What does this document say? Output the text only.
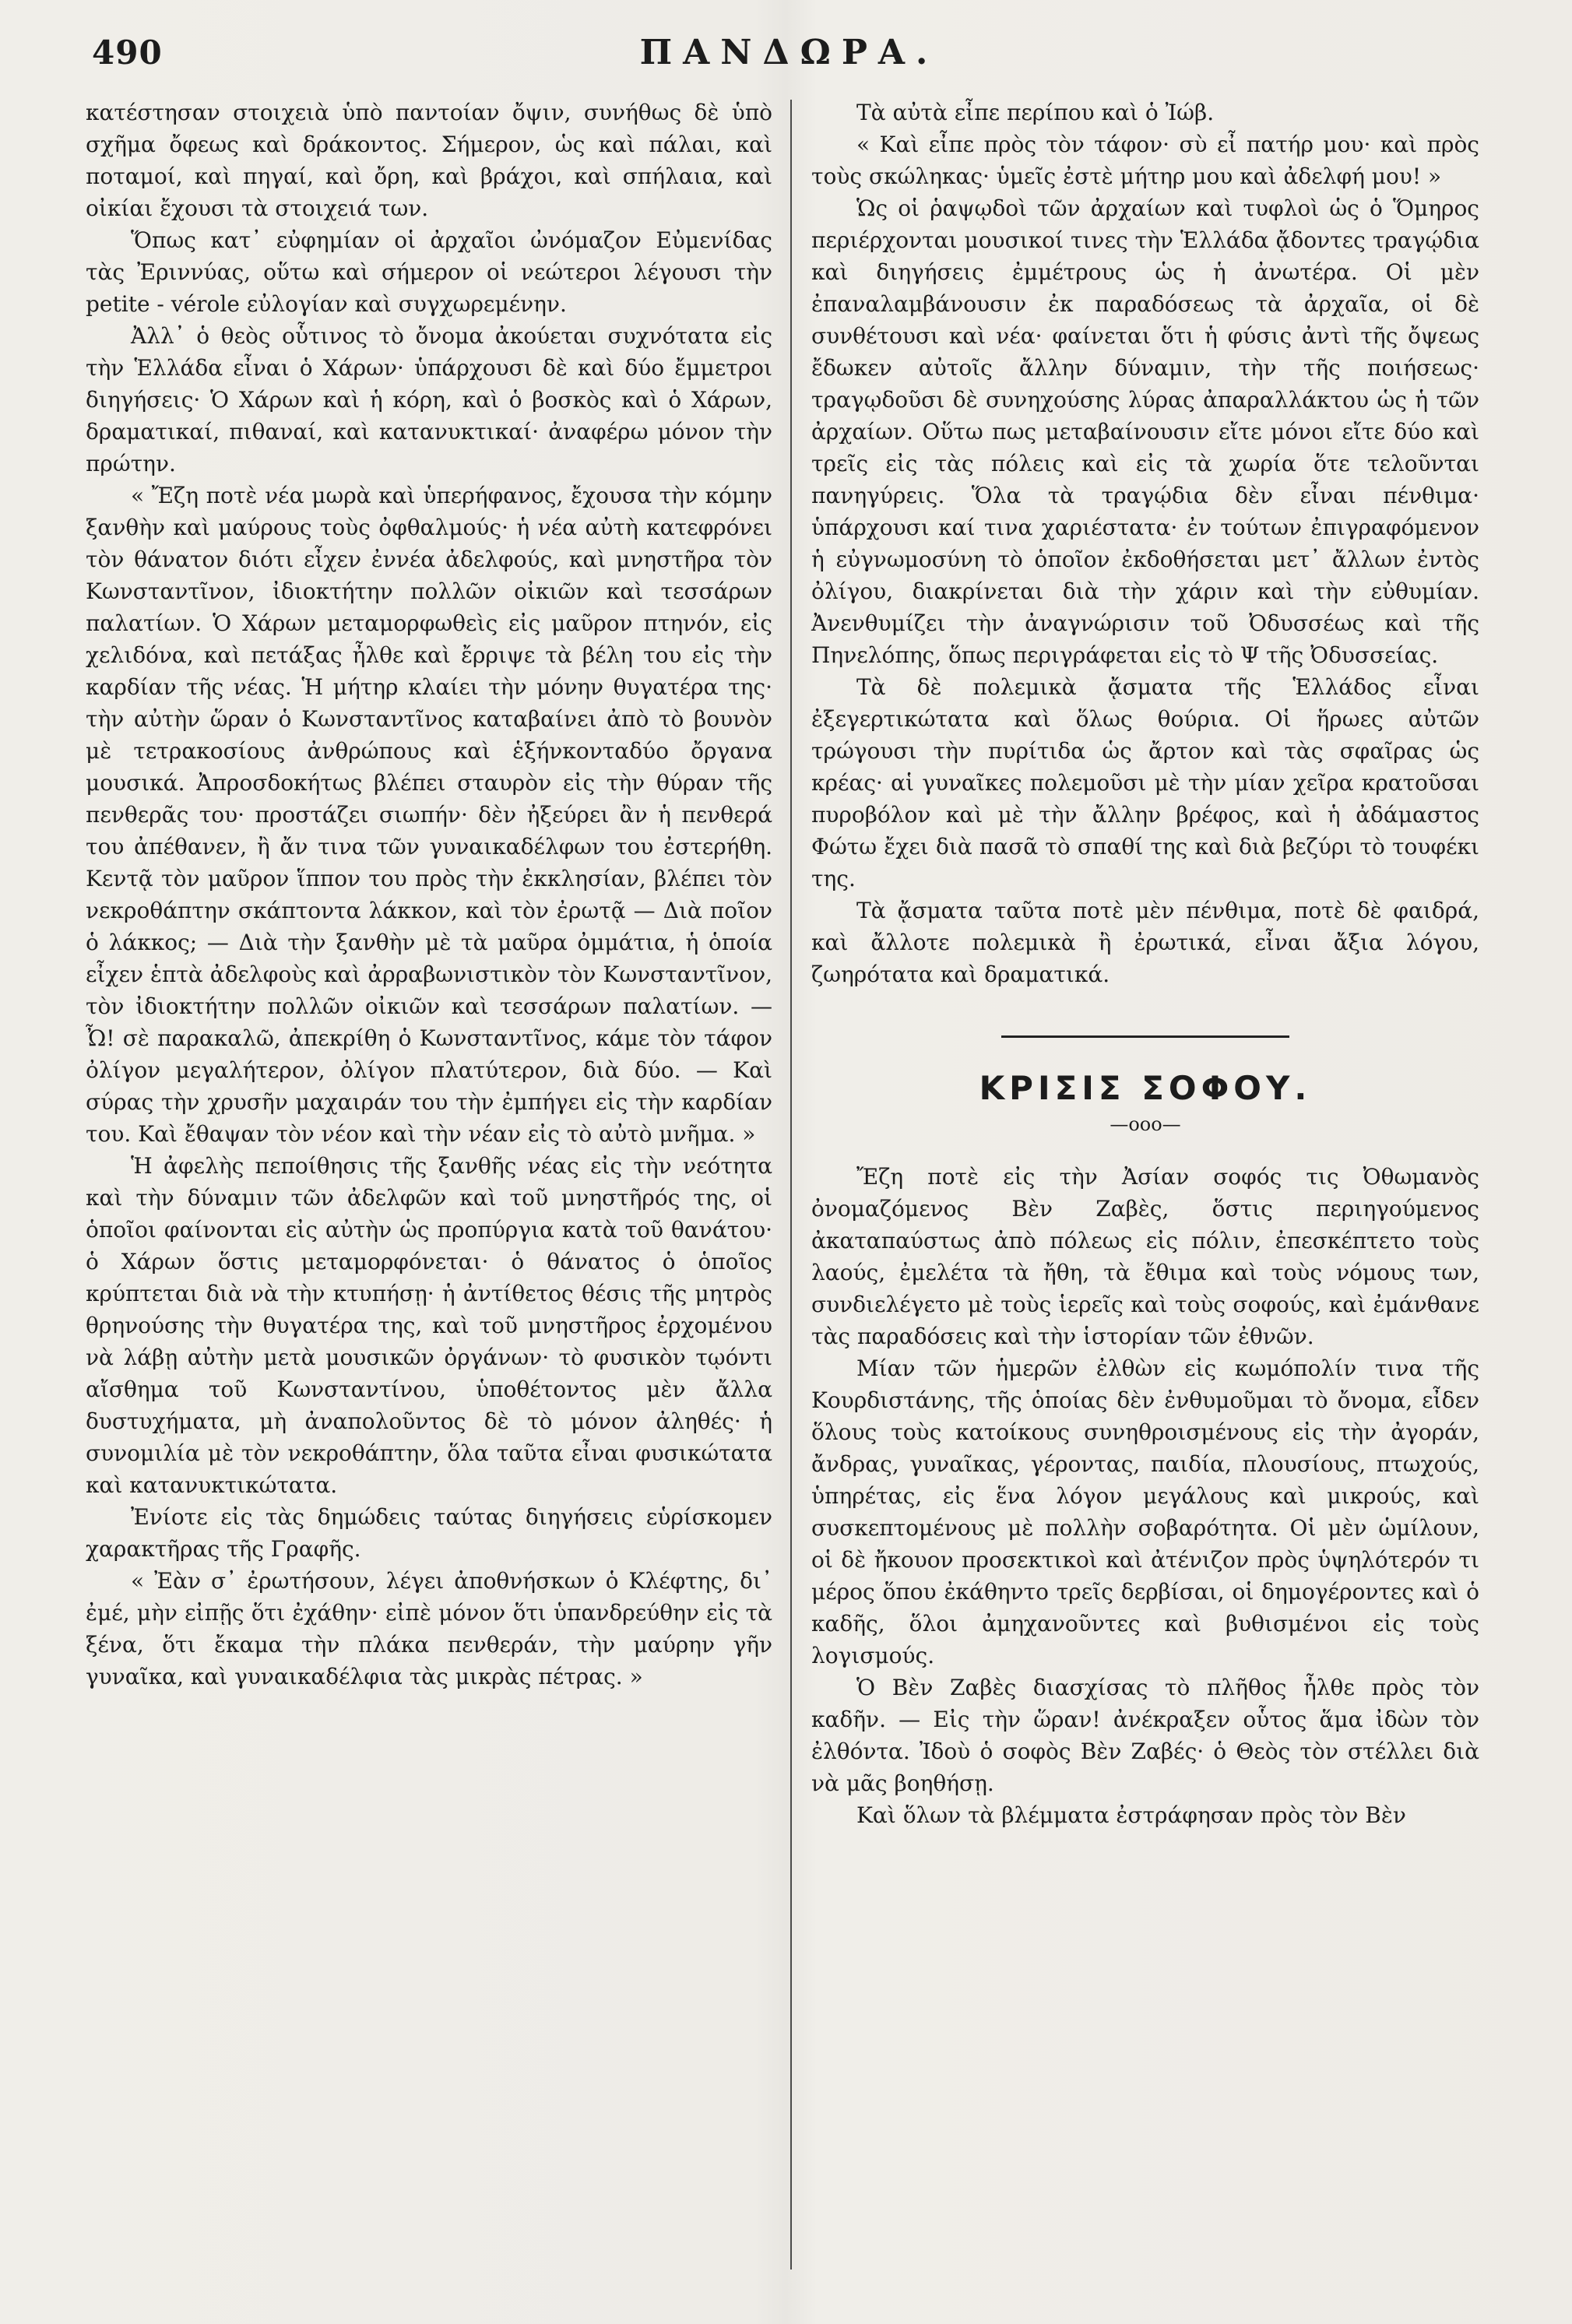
490	ΠΑΝΔΩΡΑ.

κατέστησαν στοιχειὰ ὑπὸ παντοίαν ὄψιν, συνήθως δὲ ὑπὸ σχῆμα ὄφεως καὶ δράκοντος. Σήμερον, ὡς καὶ πάλαι, καὶ ποταμοί, καὶ πηγαί, καὶ ὄρη, καὶ βράχοι, καὶ σπήλαια, καὶ οἰκίαι ἔχουσι τὰ στοιχειά των.

Ὅπως κατ᾿ εὐφημίαν οἱ ἀρχαῖοι ὠνόμαζον Εὐμενίδας τὰς Ἐριννύας, οὕτω καὶ σήμερον οἱ νεώτεροι λέγουσι τὴν petite - vérole εὐλογίαν καὶ συγχωρεμένην.

Ἀλλ᾿ ὁ θεὸς οὗτινος τὸ ὄνομα ἀκούεται συχνότατα εἰς τὴν Ἑλλάδα εἶναι ὁ Χάρων· ὑπάρχουσι δὲ καὶ δύο ἔμμετροι διηγήσεις· Ὁ Χάρων καὶ ἡ κόρη, καὶ ὁ βοσκὸς καὶ ὁ Χάρων, δραματικαί, πιθαναί, καὶ κατανυκτικαί· ἀναφέρω μόνον τὴν πρώτην.

« Ἔζη ποτὲ νέα μωρὰ καὶ ὑπερήφανος, ἔχουσα τὴν κόμην ξανθὴν καὶ μαύρους τοὺς ὀφθαλμούς· ἡ νέα αὐτὴ κατεφρόνει τὸν θάνατον διότι εἶχεν ἐννέα ἀδελφούς, καὶ μνηστῆρα τὸν Κωνσταντῖνον, ἰδιοκτήτην πολλῶν οἰκιῶν καὶ τεσσάρων παλατίων. Ὁ Χάρων μεταμορφωθεὶς εἰς μαῦρον πτηνόν, εἰς χελιδόνα, καὶ πετάξας ἦλθε καὶ ἔρριψε τὰ βέλη του εἰς τὴν καρδίαν τῆς νέας. Ἡ μήτηρ κλαίει τὴν μόνην θυγατέρα της· τὴν αὐτὴν ὥραν ὁ Κωνσταντῖνος καταβαίνει ἀπὸ τὸ βουνὸν μὲ τετρακοσίους ἀνθρώπους καὶ ἑξήνκονταδύο ὄργανα μουσικά. Ἀπροσδοκήτως βλέπει σταυρὸν εἰς τὴν θύραν τῆς πενθερᾶς του· προστάζει σιωπήν· δὲν ἠξεύρει ἂν ἡ πενθερά του ἀπέθανεν, ἢ ἄν τινα τῶν γυναικαδέλφων του ἐστερήθη. Κεντᾷ τὸν μαῦρον ἵππον του πρὸς τὴν ἐκκλησίαν, βλέπει τὸν νεκροθάπτην σκάπτοντα λάκκον, καὶ τὸν ἐρωτᾷ — Διὰ ποῖον ὁ λάκκος; — Διὰ τὴν ξανθὴν μὲ τὰ μαῦρα ὀμμάτια, ἡ ὁποία εἶχεν ἑπτὰ ἀδελφοὺς καὶ ἀρραβωνιστικὸν τὸν Κωνσταντῖνον, τὸν ἰδιοκτήτην πολλῶν οἰκιῶν καὶ τεσσάρων παλατίων. — Ὦ! σὲ παρακαλῶ, ἀπεκρίθη ὁ Κωνσταντῖνος, κάμε τὸν τάφον ὀλίγον μεγαλήτερον, ὀλίγον πλατύτερον, διὰ δύο. — Καὶ σύρας τὴν χρυσῆν μαχαιράν του τὴν ἐμπήγει εἰς τὴν καρδίαν του. Καὶ ἔθαψαν τὸν νέον καὶ τὴν νέαν εἰς τὸ αὐτὸ μνῆμα. »

Ἡ ἀφελὴς πεποίθησις τῆς ξανθῆς νέας εἰς τὴν νεότητα καὶ τὴν δύναμιν τῶν ἀδελφῶν καὶ τοῦ μνηστῆρός της, οἱ ὁποῖοι φαίνονται εἰς αὐτὴν ὡς προπύργια κατὰ τοῦ θανάτου· ὁ Χάρων ὅστις μεταμορφόνεται· ὁ θάνατος ὁ ὁποῖος κρύπτεται διὰ νὰ τὴν κτυπήσῃ· ἡ ἀντίθετος θέσις τῆς μητρὸς θρηνούσης τὴν θυγατέρα της, καὶ τοῦ μνηστῆρος ἐρχομένου νὰ λάβῃ αὐτὴν μετὰ μουσικῶν ὀργάνων· τὸ φυσικὸν τῳόντι αἴσθημα τοῦ Κωνσταντίνου, ὑποθέτοντος μὲν ἄλλα δυστυχήματα, μὴ ἀναπολοῦντος δὲ τὸ μόνον ἀληθές· ἡ συνομιλία μὲ τὸν νεκροθάπτην, ὅλα ταῦτα εἶναι φυσικώτατα καὶ κατανυκτικώτατα.

Ἐνίοτε εἰς τὰς δημώδεις ταύτας διηγήσεις εὑρίσκομεν χαρακτῆρας τῆς Γραφῆς.

« Ἐὰν σ᾿ ἐρωτήσουν, λέγει ἀποθνήσκων ὁ Κλέφτης, δι᾿ ἐμέ, μὴν εἰπῇς ὅτι ἐχάθην· εἰπὲ μόνον ὅτι ὑπανδρεύθην εἰς τὰ ξένα, ὅτι ἔκαμα τὴν πλάκα πενθεράν, τὴν μαύρην γῆν γυναῖκα, καὶ γυναικαδέλφια τὰς μικρὰς πέτρας. »

Τὰ αὐτὰ εἶπε περίπου καὶ ὁ Ἰώβ.

« Καὶ εἶπε πρὸς τὸν τάφον· σὺ εἶ πατήρ μου· καὶ πρὸς τοὺς σκώληκας· ὑμεῖς ἐστὲ μήτηρ μου καὶ ἀδελφή μου! »

Ὡς οἱ ῥαψῳδοὶ τῶν ἀρχαίων καὶ τυφλοὶ ὡς ὁ Ὅμηρος περιέρχονται μουσικοί τινες τὴν Ἑλλάδα ᾄδοντες τραγῴδια καὶ διηγήσεις ἐμμέτρους ὡς ἡ ἀνωτέρα. Οἱ μὲν ἐπαναλαμβάνουσιν ἐκ παραδόσεως τὰ ἀρχαῖα, οἱ δὲ συνθέτουσι καὶ νέα· φαίνεται ὅτι ἡ φύσις ἀντὶ τῆς ὄψεως ἔδωκεν αὐτοῖς ἄλλην δύναμιν, τὴν τῆς ποιήσεως· τραγῳδοῦσι δὲ συνηχούσης λύρας ἀπαραλλάκτου ὡς ἡ τῶν ἀρχαίων. Οὕτω πως μεταβαίνουσιν εἴτε μόνοι εἴτε δύο καὶ τρεῖς εἰς τὰς πόλεις καὶ εἰς τὰ χωρία ὅτε τελοῦνται πανηγύρεις. Ὅλα τὰ τραγῴδια δὲν εἶναι πένθιμα· ὑπάρχουσι καί τινα χαριέστατα· ἐν τούτων ἐπιγραφόμενον ἡ εὐγνωμοσύνη τὸ ὁποῖον ἐκδοθήσεται μετ᾿ ἄλλων ἐντὸς ὀλίγου, διακρίνεται διὰ τὴν χάριν καὶ τὴν εὐθυμίαν. Ἀνενθυμίζει τὴν ἀναγνώρισιν τοῦ Ὀδυσσέως καὶ τῆς Πηνελόπης, ὅπως περιγράφεται εἰς τὸ Ψ τῆς Ὀδυσσείας.

Τὰ δὲ πολεμικὰ ᾄσματα τῆς Ἑλλάδος εἶναι ἐξεγερτικώτατα καὶ ὅλως θούρια. Οἱ ἥρωες αὐτῶν τρώγουσι τὴν πυρίτιδα ὡς ἄρτον καὶ τὰς σφαῖρας ὡς κρέας· αἱ γυναῖκες πολεμοῦσι μὲ τὴν μίαν χεῖρα κρατοῦσαι πυροβόλον καὶ μὲ τὴν ἄλλην βρέφος, καὶ ἡ ἀδάμαστος Φώτω ἔχει διὰ πασᾶ τὸ σπαθί της καὶ διὰ βεζύρι τὸ τουφέκι της.

Τὰ ᾄσματα ταῦτα ποτὲ μὲν πένθιμα, ποτὲ δὲ φαιδρά, καὶ ἄλλοτε πολεμικὰ ἢ ἐρωτικά, εἶναι ἄξια λόγου, ζωηρότατα καὶ δραματικά.

ΚΡΙΣΙΣ ΣΟΦΟΥ.
—ooo—

Ἔζη ποτὲ εἰς τὴν Ἀσίαν σοφός τις Ὀθωμανὸς ὀνομαζόμενος Βὲν Ζαβὲς, ὅστις περιηγούμενος ἀκαταπαύστως ἀπὸ πόλεως εἰς πόλιν, ἐπεσκέπτετο τοὺς λαούς, ἐμελέτα τὰ ἤθη, τὰ ἔθιμα καὶ τοὺς νόμους των, συνδιελέγετο μὲ τοὺς ἱερεῖς καὶ τοὺς σοφούς, καὶ ἐμάνθανε τὰς παραδόσεις καὶ τὴν ἱστορίαν τῶν ἐθνῶν.

Μίαν τῶν ἡμερῶν ἐλθὼν εἰς κωμόπολίν τινα τῆς Κουρδιστάνης, τῆς ὁποίας δὲν ἐνθυμοῦμαι τὸ ὄνομα, εἶδεν ὅλους τοὺς κατοίκους συνηθροισμένους εἰς τὴν ἀγοράν, ἄνδρας, γυναῖκας, γέροντας, παιδία, πλουσίους, πτωχούς, ὑπηρέτας, εἰς ἕνα λόγον μεγάλους καὶ μικρούς, καὶ συσκεπτομένους μὲ πολλὴν σοβαρότητα. Οἱ μὲν ὡμίλουν, οἱ δὲ ἤκουον προσεκτικοὶ καὶ ἀτένιζον πρὸς ὑψηλότερόν τι μέρος ὅπου ἐκάθηντο τρεῖς δερβίσαι, οἱ δημογέροντες καὶ ὁ καδῆς, ὅλοι ἀμηχανοῦντες καὶ βυθισμένοι εἰς τοὺς λογισμούς.

Ὁ Βὲν Ζαβὲς διασχίσας τὸ πλῆθος ἦλθε πρὸς τὸν καδῆν. — Εἰς τὴν ὥραν! ἀνέκραξεν οὗτος ἅμα ἰδὼν τὸν ἐλθόντα. Ἰδοὺ ὁ σοφὸς Βὲν Ζαβές· ὁ Θεὸς τὸν στέλλει διὰ νὰ μᾶς βοηθήσῃ.

Καὶ ὅλων τὰ βλέμματα ἐστράφησαν πρὸς τὸν Βὲν
